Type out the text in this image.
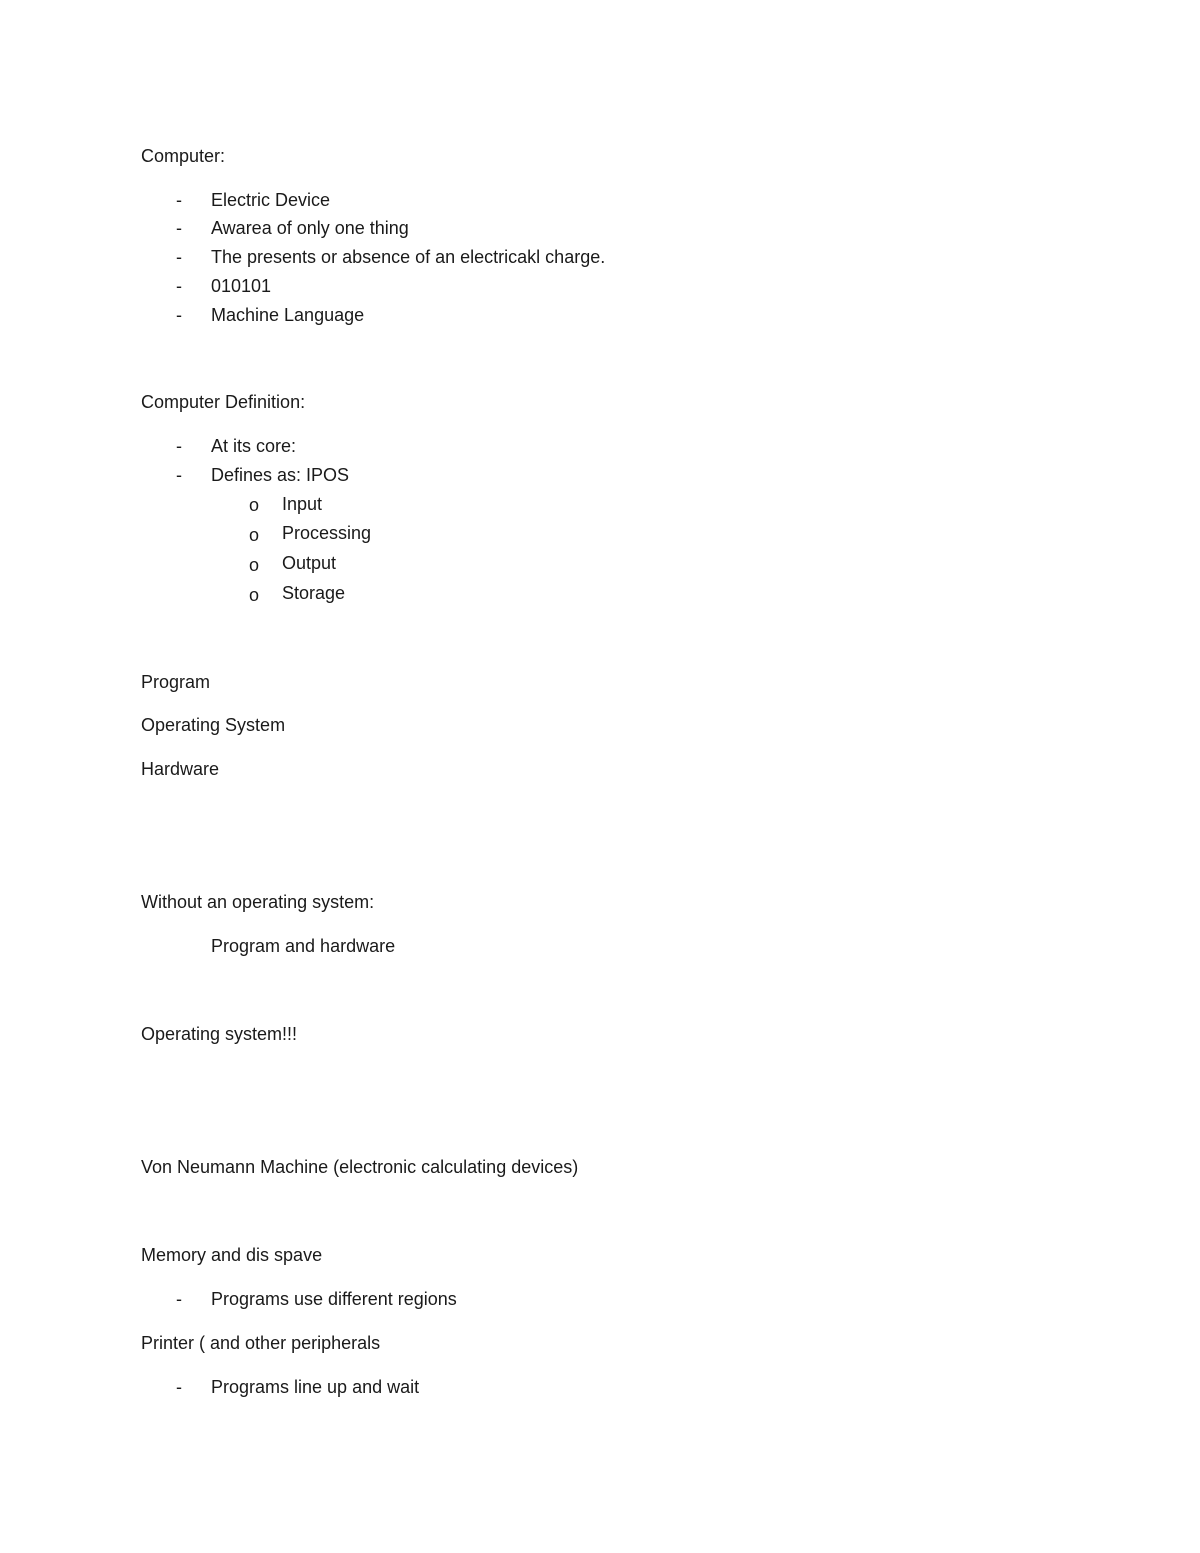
Computer:
-	Electric Device
-	Awarea of only one thing
-	The presents or absence of an electricakl charge.
-	010101
-	Machine Language
Computer Definition:
-	At its core:
-	Defines as: IPOS
o Input
o Processing
o Output
o Storage
Program
Operating System
Hardware
Without an operating system:
Program and hardware
Operating system!!!
Von Neumann Machine (electronic calculating devices)
Memory and dis spave
-	Programs use different regions
Printer ( and other peripherals
-	Programs line up and wait
